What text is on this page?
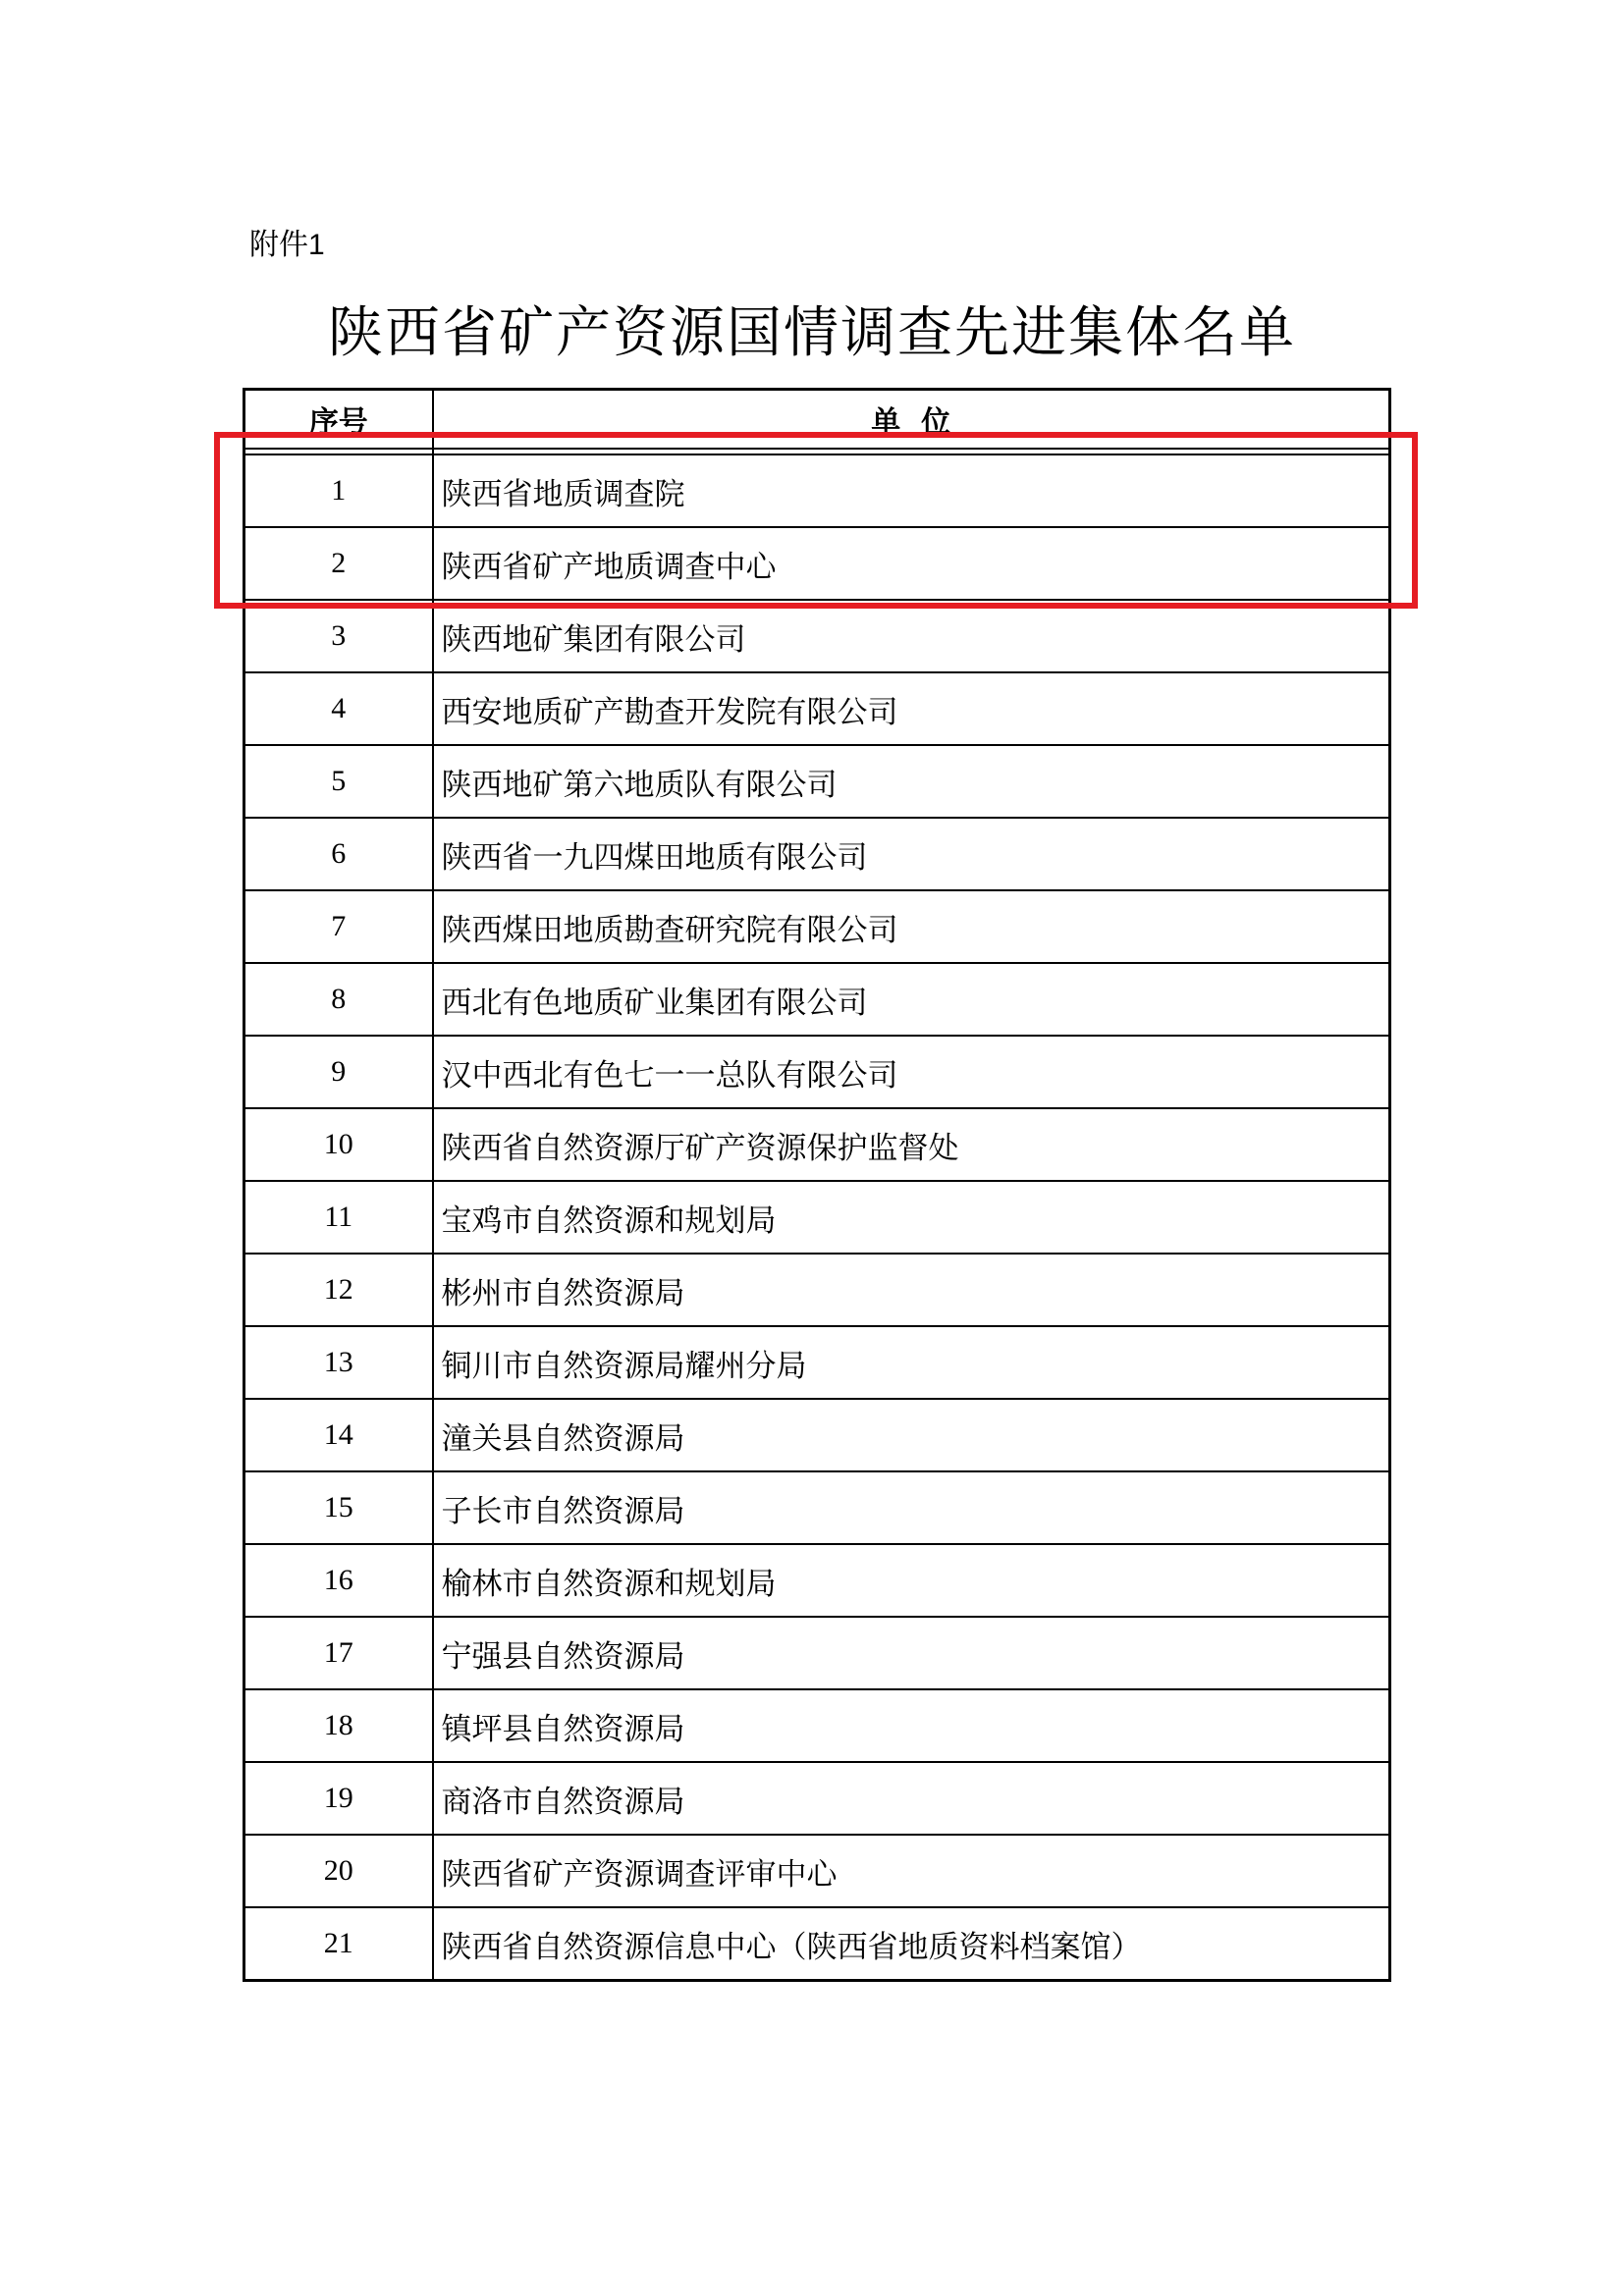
附件1
陕西省矿产资源国情调查先进集体名单
序号	单  位

1	陕西省地质调查院
2	陕西省矿产地质调查中心
3	陕西地矿集团有限公司
4	西安地质矿产勘查开发院有限公司
5	陕西地矿第六地质队有限公司
6	陕西省一九四煤田地质有限公司
7	陕西煤田地质勘查研究院有限公司
8	西北有色地质矿业集团有限公司
9	汉中西北有色七一一总队有限公司
10	陕西省自然资源厅矿产资源保护监督处
11	宝鸡市自然资源和规划局
12	彬州市自然资源局
13	铜川市自然资源局耀州分局
14	潼关县自然资源局
15	子长市自然资源局
16	榆林市自然资源和规划局
17	宁强县自然资源局
18	镇坪县自然资源局
19	商洛市自然资源局
20	陕西省矿产资源调查评审中心
21	陕西省自然资源信息中心（陕西省地质资料档案馆）
